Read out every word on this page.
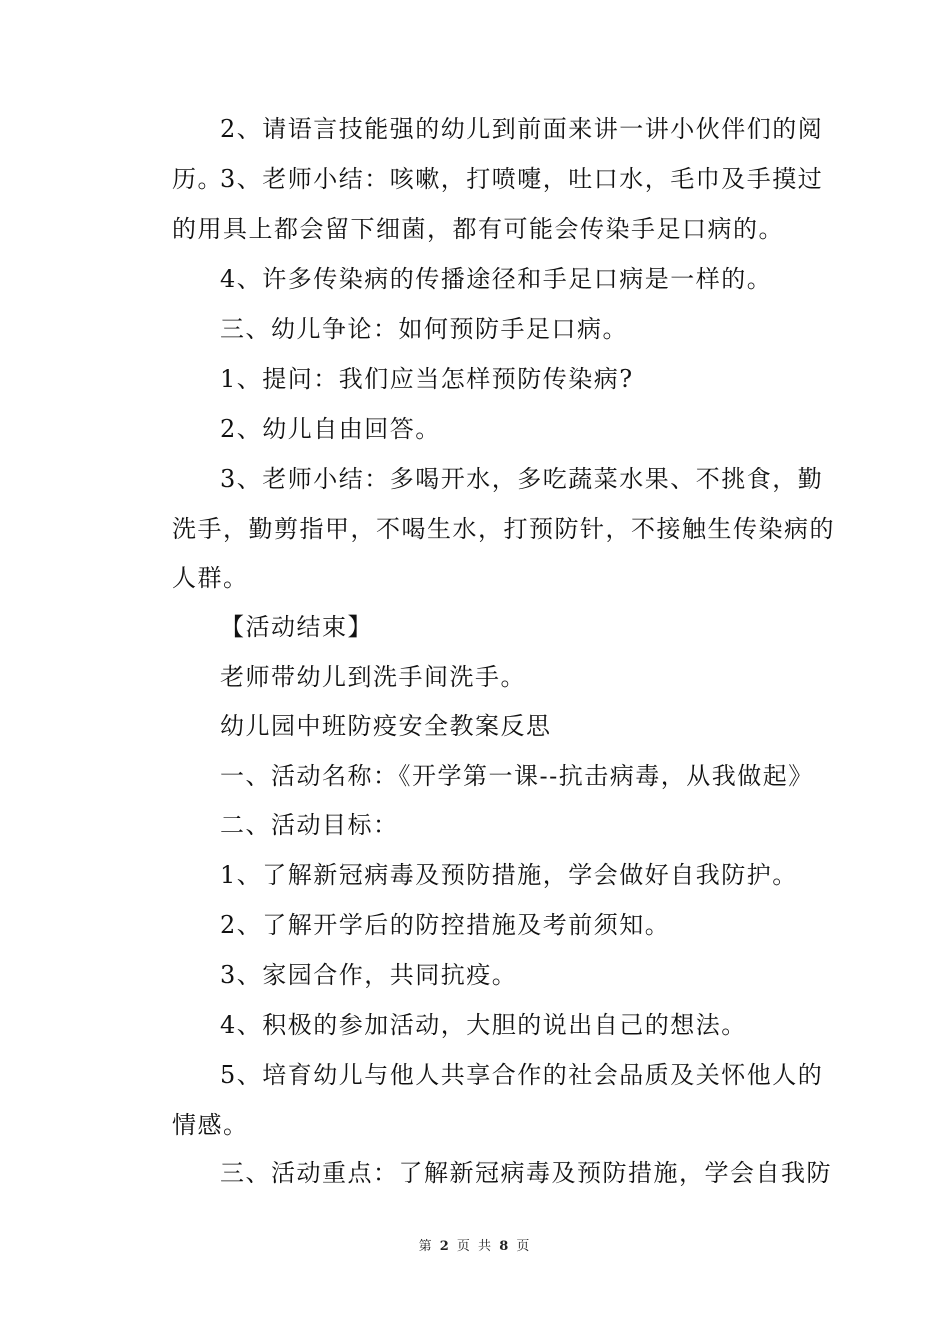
2、请语言技能强的幼儿到前面来讲一讲小伙伴们的阅历。

3、老师小结：咳嗽，打喷嚏，吐口水，毛巾及手摸过的用具上都会留下细菌，都有可能会传染手足口病的。

4、许多传染病的传播途径和手足口病是一样的。

三、幼儿争论：如何预防手足口病。

1、提问：我们应当怎样预防传染病?

2、幼儿自由回答。

3、老师小结：多喝开水，多吃蔬菜水果、不挑食，勤洗手，勤剪指甲，不喝生水，打预防针，不接触生传染病的人群。

【活动结束】

老师带幼儿到洗手间洗手。

幼儿园中班防疫安全教案反思

一、活动名称：《开学第一课--抗击病毒，从我做起》

二、活动目标：

1、了解新冠病毒及预防措施，学会做好自我防护。

2、了解开学后的防控措施及考前须知。

3、家园合作，共同抗疫。

4、积极的参加活动，大胆的说出自己的想法。

5、培育幼儿与他人共享合作的社会品质及关怀他人的情感。

三、活动重点：了解新冠病毒及预防措施，学会自我防

第 2 页 共 8 页
